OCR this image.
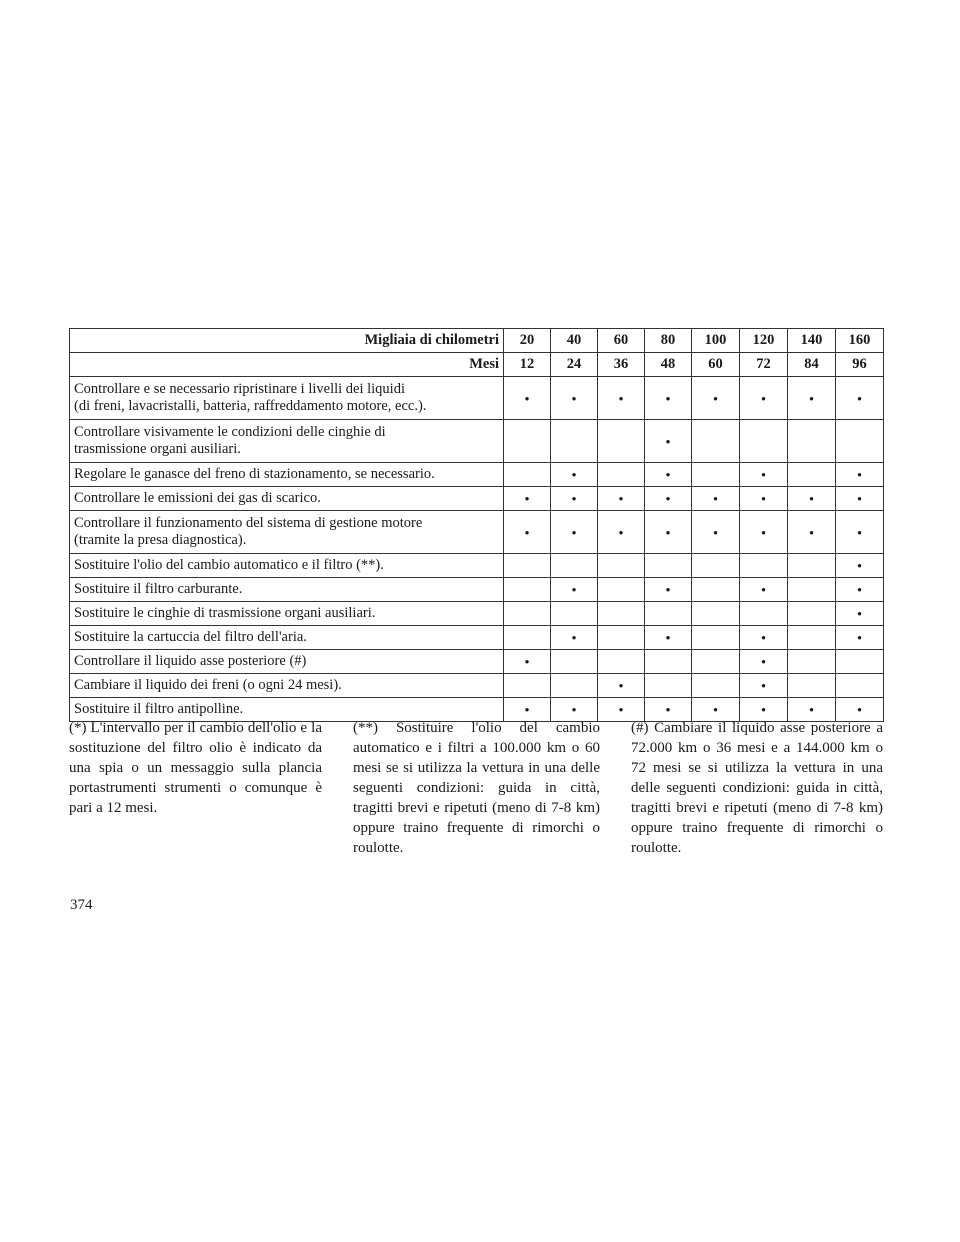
Migliaia di chilometri	20	40	60	80	100	120	140	160
Mesi	12	24	36	48	60	72	84	96
Controllare e se necessario ripristinare i livelli dei liquidi
(di freni, lavacristalli, batteria, raffreddamento motore, ecc.).	•	•	•	•	•	•	•	•
Controllare visivamente le condizioni delle cinghie di
trasmissione organi ausiliari.				•				
Regolare le ganasce del freno di stazionamento, se necessario.		•		•		•		•
Controllare le emissioni dei gas di scarico.	•	•	•	•	•	•	•	•
Controllare il funzionamento del sistema di gestione motore
(tramite la presa diagnostica).	•	•	•	•	•	•	•	•
Sostituire l'olio del cambio automatico e il filtro (**).								•
Sostituire il filtro carburante.		•		•		•		•
Sostituire le cinghie di trasmissione organi ausiliari.								•
Sostituire la cartuccia del filtro dell'aria.		•		•		•		•
Controllare il liquido asse posteriore (#)	•					•		
Cambiare il liquido dei freni (o ogni 24 mesi).			•			•		
Sostituire il filtro antipolline.	•	•	•	•	•	•	•	•
(*) L'intervallo per il cambio dell'olio e la sostituzione del filtro olio è indicato da una spia o un messaggio sulla plancia portastrumenti strumenti o comunque è pari a 12 mesi.
(**) Sostituire l'olio del cambio automatico e i filtri a 100.000 km o 60 mesi se si utilizza la vettura in una delle seguenti condizioni: guida in città, tragitti brevi e ripetuti (meno di 7-8 km) oppure traino frequente di rimorchi o roulotte.
(#) Cambiare il liquido asse posteriore a 72.000 km o 36 mesi e a 144.000 km o 72 mesi se si utilizza la vettura in una delle seguenti condizioni: guida in città, tragitti brevi e ripetuti (meno di 7-8 km) oppure traino frequente di rimorchi o roulotte.
374
